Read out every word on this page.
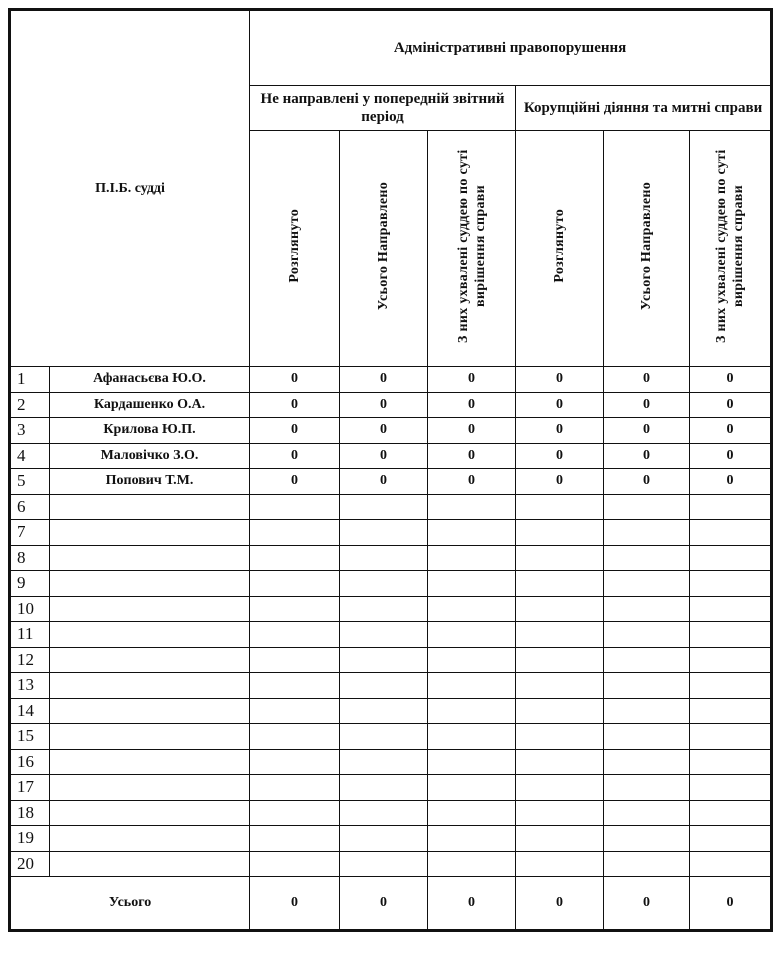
П.І.Б. судді		Адміністративні правопорушення					
		Не направлені у попередній звітний період			Корупційні діяння та митні справи		
		Розглянуто	Усього Направлено	З них ухвалені суддею по суті вирішення справи	Розглянуто	Усього Направлено	З них ухвалені суддею по суті вирішення справи
1	Афанасьєва Ю.О.	0	0	0	0	0	0
2	Кардашенко О.А.	0	0	0	0	0	0
3	Крилова Ю.П.	0	0	0	0	0	0
4	Маловічко З.О.	0	0	0	0	0	0
5	Попович Т.М.	0	0	0	0	0	0
6							
7							
8							
9							
10							
11							
12							
13							
14							
15							
16							
17							
18							
19							
20							
Усього		0	0	0	0	0	0
